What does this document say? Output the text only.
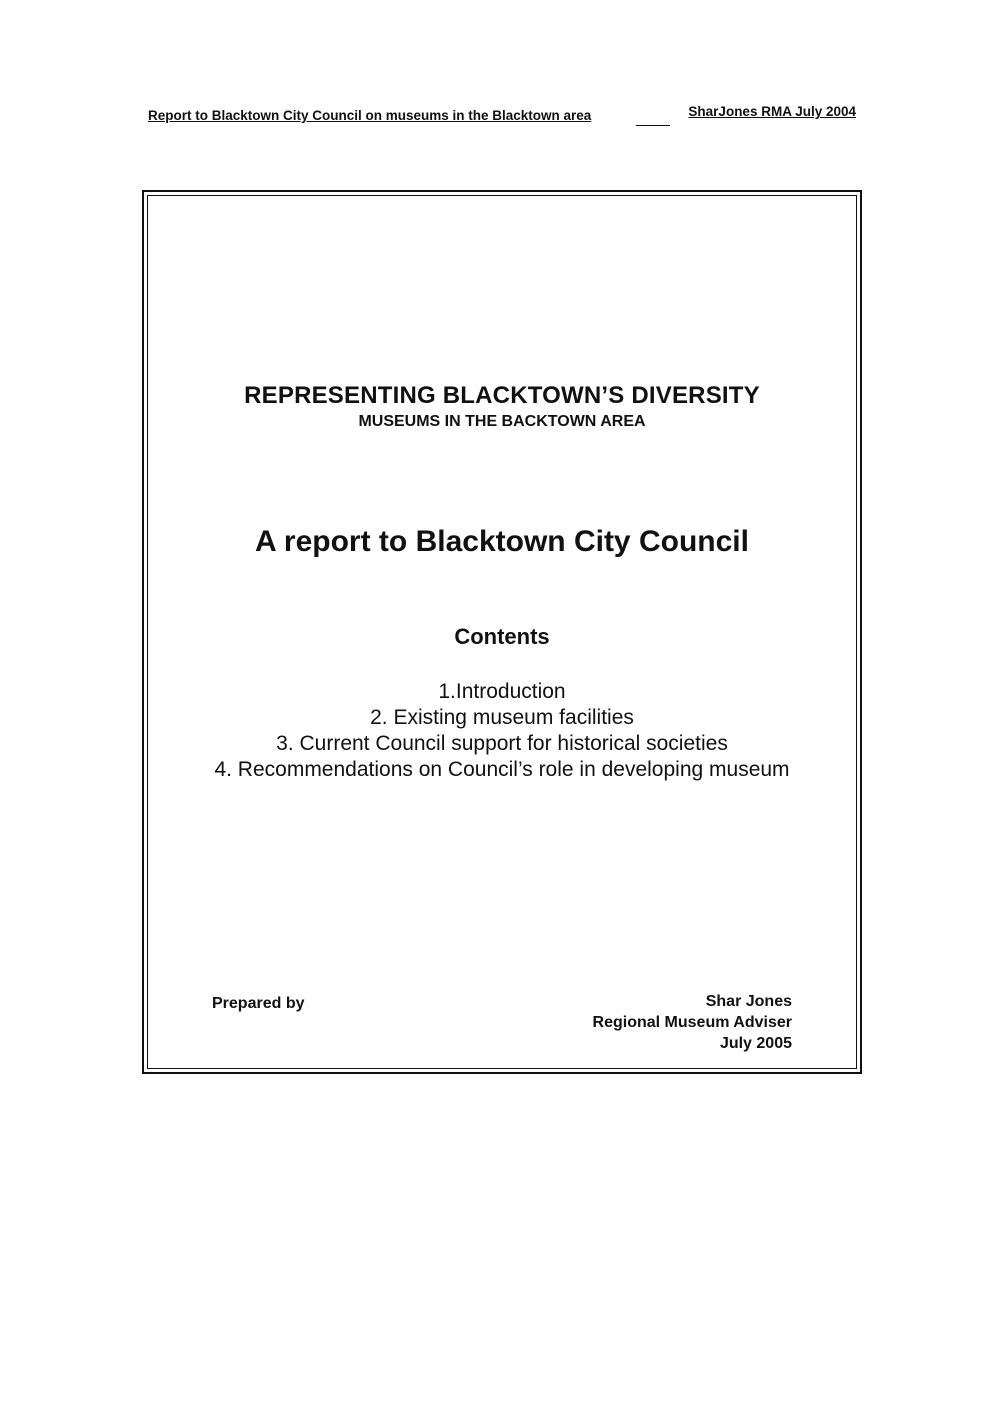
Report to Blacktown City Council on museums in the Blacktown area	SharJones RMA July 2004
REPRESENTING BLACKTOWN’S DIVERSITY
MUSEUMS IN THE BACKTOWN AREA
A report to Blacktown City Council
Contents
1.Introduction
2. Existing museum facilities
3. Current Council support for historical societies
4. Recommendations on Council’s role in developing museum
Prepared by	Shar Jones
Regional Museum Adviser
July 2005
